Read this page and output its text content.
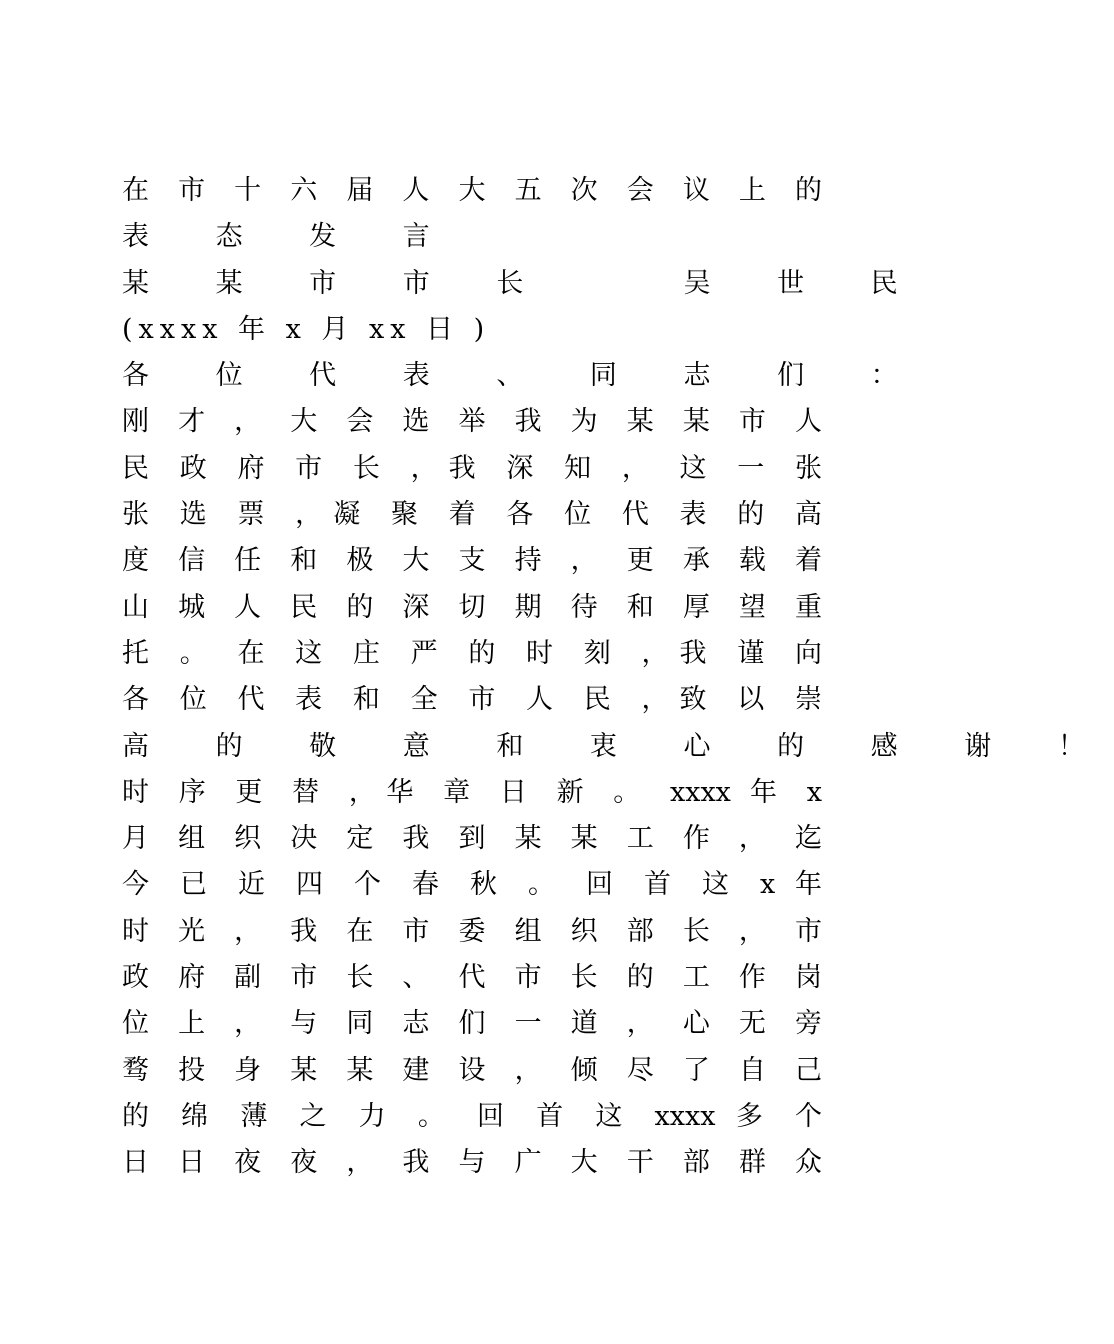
在 市 十 六 届 人 大 五 次 会 议 上 的
表 态 发 言
某 某 市 市 长 　 吴 世 民
(xxxx 年 x 月 xx 日 )
各 位 代 表 、 同 志 们 ：
刚 才 ， 大 会 选 举 我 为 某 某 市 人
民 政 府 市 长 ，我 深 知 ， 这 一 张
张 选 票 ，凝 聚 着 各 位 代 表 的 高
度 信 任 和 极 大 支 持 ， 更 承 载 着
山 城 人 民 的 深 切 期 待 和 厚 望 重
托 。 在 这 庄 严 的 时 刻 ，我 谨 向
各 位 代 表 和 全 市 人 民 ，致 以 崇
高 的 敬 意 和 衷 心 的 感 谢 ！
时 序 更 替 ，华 章 日 新 。 xxxx 年 x
月 组 织 决 定 我 到 某 某 工 作 ， 迄
今 已 近 四 个 春 秋 。 回 首 这 x 年
时 光 ， 我 在 市 委 组 织 部 长 ， 市
政 府 副 市 长 、 代 市 长 的 工 作 岗
位 上 ， 与 同 志 们 一 道 ， 心 无 旁
骛 投 身 某 某 建 设 ， 倾 尽 了 自 己
的 绵 薄 之 力 。 回 首 这 xxxx 多 个
日 日 夜 夜 ， 我 与 广 大 干 部 群 众
